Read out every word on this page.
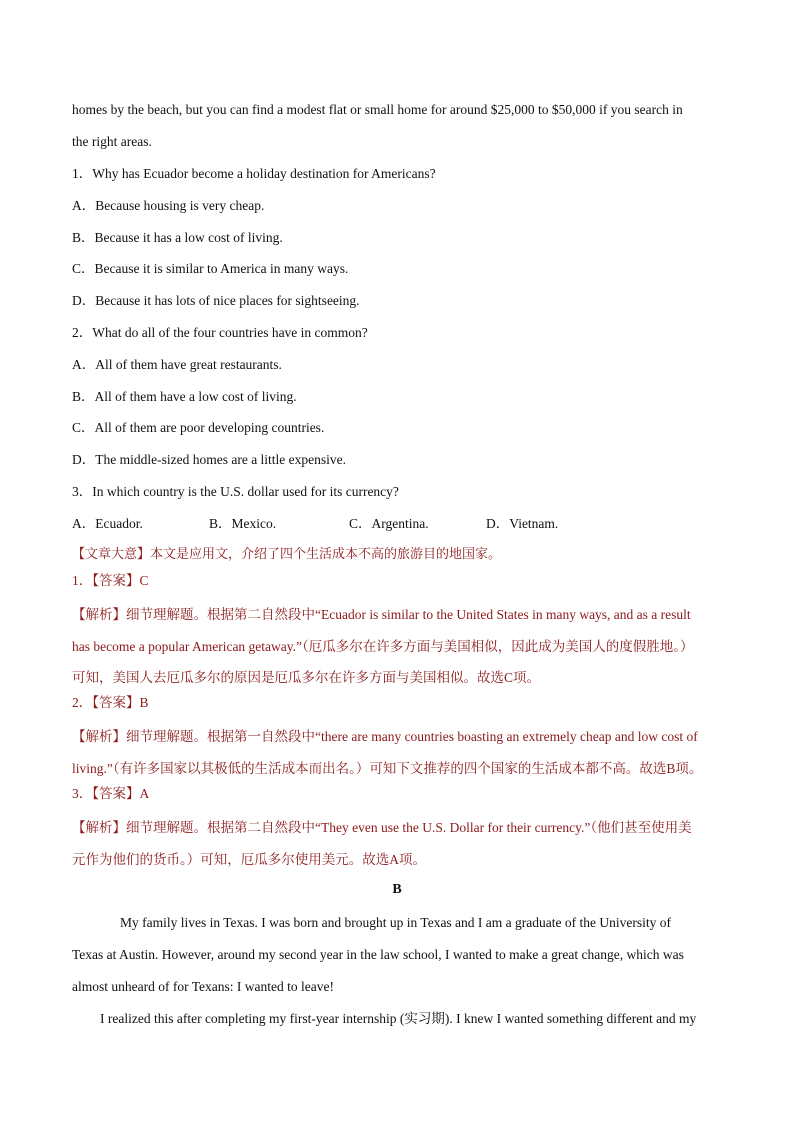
homes by the beach, but you can find a modest flat or small home for around $25,000 to $50,000 if you search in
the right areas.
1．Why has Ecuador become a holiday destination for Americans?
A．Because housing is very cheap.
B．Because it has a low cost of living.
C．Because it is similar to America in many ways.
D．Because it has lots of nice places for sightseeing.
2．What do all of the four countries have in common?
A．All of them have great restaurants.
B．All of them have a low cost of living.
C．All of them are poor developing countries.
D．The middle-sized homes are a little expensive.
3．In which country is the U.S. dollar used for its currency?
A．Ecuador.	B．Mexico.	C．Argentina.	D．Vietnam.
【文章大意】本文是应用文，介绍了四个生活成本不高的旅游目的地国家。
1．【答案】C
【解析】细节理解题。根据第二自然段中“Ecuador is similar to the United States in many ways, and as a result
has become a popular American getaway.”（厄瓜多尔在许多方面与美国相似，因此成为美国人的度假胜地。）
可知，美国人去厄瓜多尔的原因是厄瓜多尔在许多方面与美国相似。故选C项。
2．【答案】B
【解析】细节理解题。根据第一自然段中“there are many countries boasting an extremely cheap and low cost of
living.”（有许多国家以其极低的生活成本而出名。）可知下文推荐的四个国家的生活成本都不高。故选B项。
3．【答案】A
【解析】细节理解题。根据第二自然段中“They even use the U.S. Dollar for their currency.”（他们甚至使用美
元作为他们的货币。）可知，厄瓜多尔使用美元。故选A项。
B
My family lives in Texas. I was born and brought up in Texas and I am a graduate of the University of
Texas at Austin. However, around my second year in the law school, I wanted to make a great change, which was
almost unheard of for Texans: I wanted to leave!
I realized this after completing my first-year internship (实习期). I knew I wanted something different and my
